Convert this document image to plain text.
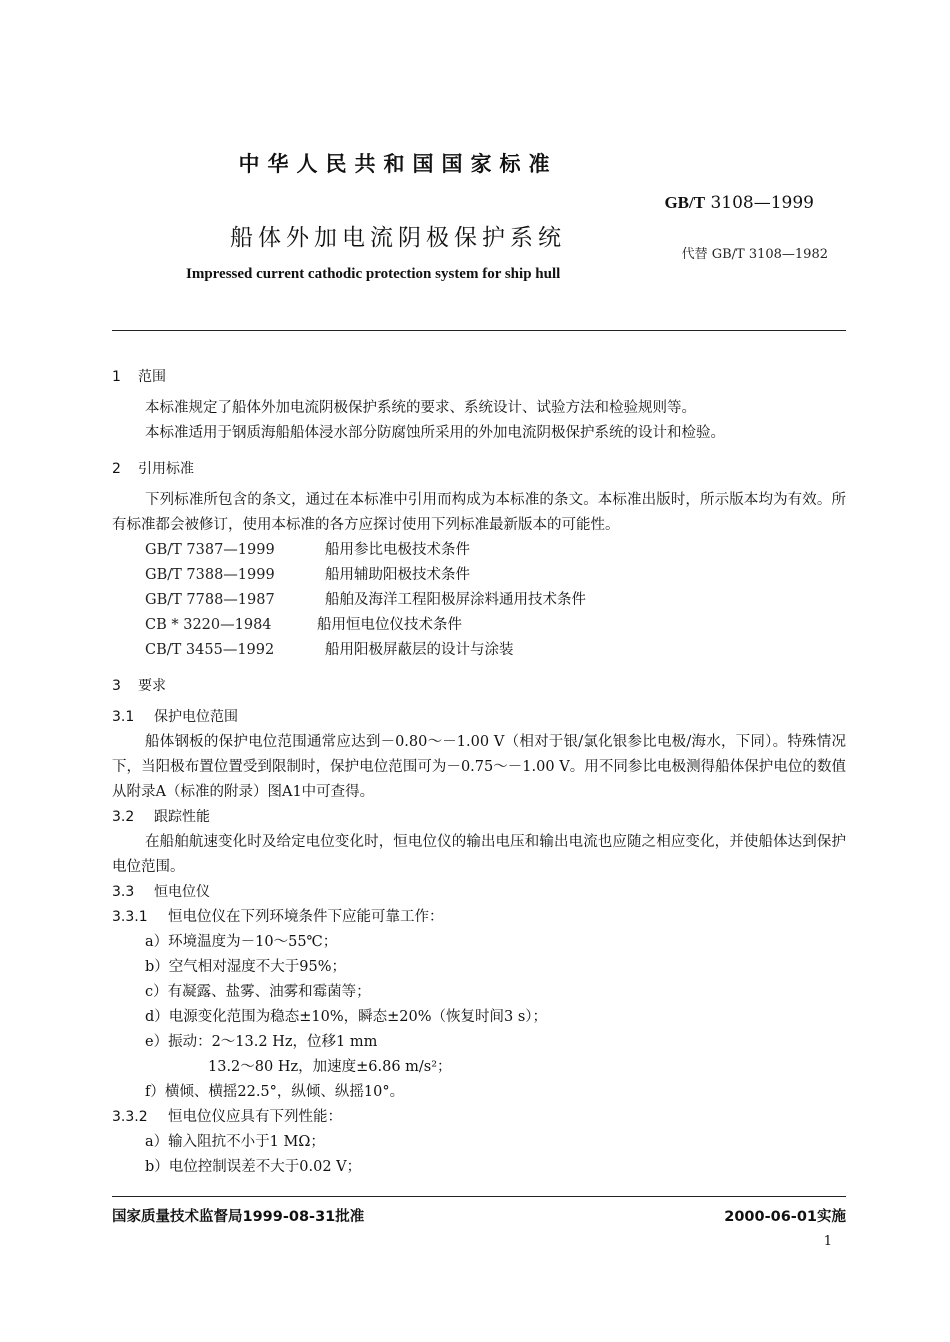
中华人民共和国国家标准
GB/T 3108—1999
船体外加电流阴极保护系统
代替 GB/T 3108—1982
Impressed current cathodic protection system for ship hull
1 范围

本标准规定了船体外加电流阴极保护系统的要求、系统设计、试验方法和检验规则等。

本标准适用于钢质海船船体浸水部分防腐蚀所采用的外加电流阴极保护系统的设计和检验。

2 引用标准

下列标准所包含的条文，通过在本标准中引用而构成为本标准的条文。本标准出版时，所示版本均为有效。所有标准都会被修订，使用本标准的各方应探讨使用下列标准最新版本的可能性。

GB/T 7387—1999	船用参比电极技术条件
GB/T 7388—1999	船用辅助阳极技术条件
GB/T 7788—1987	船舶及海洋工程阳极屏涂料通用技术条件
CB * 3220—1984	船用恒电位仪技术条件
CB/T 3455—1992	船用阳极屏蔽层的设计与涂装
3 要求
3.1 保护电位范围

船体钢板的保护电位范围通常应达到－0.80～－1.00 V（相对于银/氯化银参比电极/海水，下同）。特殊情况下，当阳极布置位置受到限制时，保护电位范围可为－0.75～－1.00 V。用不同参比电极测得船体保护电位的数值从附录A（标准的附录）图A1中可查得。

3.2 跟踪性能

在船舶航速变化时及给定电位变化时，恒电位仪的输出电压和输出电流也应随之相应变化，并使船体达到保护电位范围。

3.3 恒电位仪
3.3.1 恒电位仪在下列环境条件下应能可靠工作：
a）环境温度为－10～55℃；
b）空气相对湿度不大于95%；
c）有凝露、盐雾、油雾和霉菌等；
d）电源变化范围为稳态±10%，瞬态±20%（恢复时间3 s）；
e）振动：2～13.2 Hz，位移1 mm
13.2～80 Hz，加速度±6.86 m/s²；
f）横倾、横摇22.5°，纵倾、纵摇10°。
3.3.2 恒电位仪应具有下列性能：
a）输入阻抗不小于1 MΩ；
b）电位控制误差不大于0.02 V；
国家质量技术监督局1999-08-31批准	2000-06-01实施
1
